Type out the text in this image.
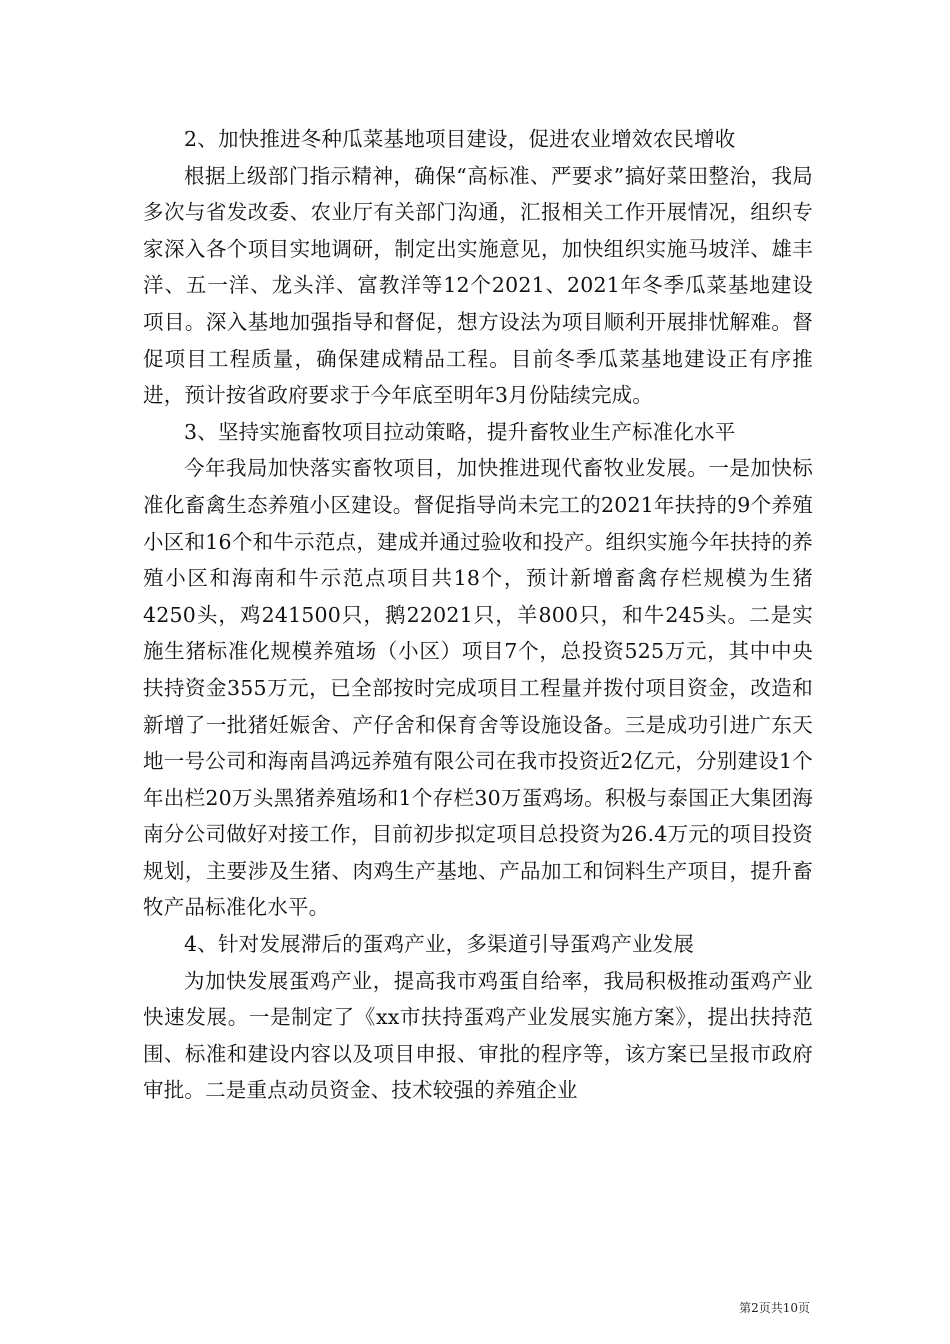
2、加快推进冬种瓜菜基地项目建设，促进农业增效农民增收

根据上级部门指示精神，确保“高标准、严要求”搞好菜田整治，我局多次与省发改委、农业厅有关部门沟通，汇报相关工作开展情况，组织专家深入各个项目实地调研，制定出实施意见，加快组织实施马坡洋、雄丰洋、五一洋、龙头洋、富教洋等12个2021、2021年冬季瓜菜基地建设项目。深入基地加强指导和督促，想方设法为项目顺利开展排忧解难。督促项目工程质量，确保建成精品工程。目前冬季瓜菜基地建设正有序推进，预计按省政府要求于今年底至明年3月份陆续完成。

3、坚持实施畜牧项目拉动策略，提升畜牧业生产标准化水平

今年我局加快落实畜牧项目，加快推进现代畜牧业发展。一是加快标准化畜禽生态养殖小区建设。督促指导尚未完工的2021年扶持的9个养殖小区和16个和牛示范点，建成并通过验收和投产。组织实施今年扶持的养殖小区和海南和牛示范点项目共18个，预计新增畜禽存栏规模为生猪4250头，鸡241500只，鹅22021只，羊800只，和牛245头。二是实施生猪标准化规模养殖场（小区）项目7个，总投资525万元，其中中央扶持资金355万元，已全部按时完成项目工程量并拨付项目资金，改造和新增了一批猪妊娠舍、产仔舍和保育舍等设施设备。三是成功引进广东天地一号公司和海南昌鸿远养殖有限公司在我市投资近2亿元，分别建设1个年出栏20万头黑猪养殖场和1个存栏30万蛋鸡场。积极与泰国正大集团海南分公司做好对接工作，目前初步拟定项目总投资为26.4万元的项目投资规划，主要涉及生猪、肉鸡生产基地、产品加工和饲料生产项目，提升畜牧产品标准化水平。

4、针对发展滞后的蛋鸡产业，多渠道引导蛋鸡产业发展

为加快发展蛋鸡产业，提高我市鸡蛋自给率，我局积极推动蛋鸡产业快速发展。一是制定了《xx市扶持蛋鸡产业发展实施方案》，提出扶持范围、标准和建设内容以及项目申报、审批的程序等，该方案已呈报市政府审批。二是重点动员资金、技术较强的养殖企业

第2页共10页
